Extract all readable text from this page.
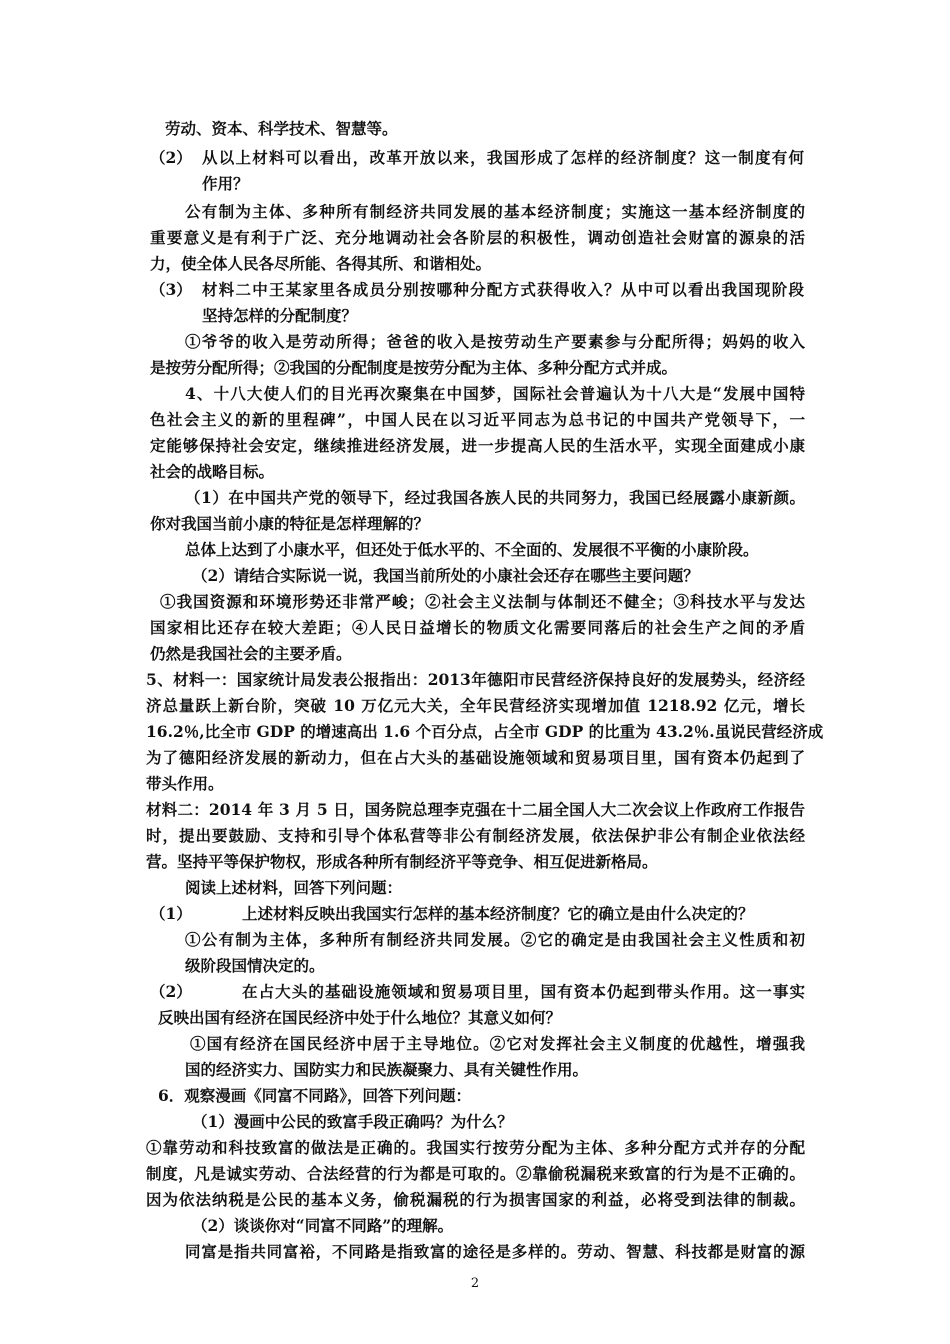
劳动、资本、科学技术、智慧等。
（2） 从以上材料可以看出，改革开放以来，我国形成了怎样的经济制度？这一制度有何
作用？
公有制为主体、多种所有制经济共同发展的基本经济制度；实施这一基本经济制度的
重要意义是有利于广泛、充分地调动社会各阶层的积极性，调动创造社会财富的源泉的活
力，使全体人民各尽所能、各得其所、和谐相处。
（3） 材料二中王某家里各成员分别按哪种分配方式获得收入？从中可以看出我国现阶段
坚持怎样的分配制度？
①爷爷的收入是劳动所得；爸爸的收入是按劳动生产要素参与分配所得；妈妈的收入
是按劳分配所得；②我国的分配制度是按劳分配为主体、多种分配方式并成。
4、十八大使人们的目光再次聚集在中国梦，国际社会普遍认为十八大是“发展中国特
色社会主义的新的里程碑”，中国人民在以习近平同志为总书记的中国共产党领导下，一
定能够保持社会安定，继续推进经济发展，进一步提高人民的生活水平，实现全面建成小康
社会的战略目标。
（1）在中国共产党的领导下，经过我国各族人民的共同努力，我国已经展露小康新颜。
你对我国当前小康的特征是怎样理解的？
总体上达到了小康水平，但还处于低水平的、不全面的、发展很不平衡的小康阶段。
（2）请结合实际说一说，我国当前所处的小康社会还存在哪些主要问题？
①我国资源和环境形势还非常严峻；②社会主义法制与体制还不健全；③科技水平与发达
国家相比还存在较大差距；④人民日益增长的物质文化需要同落后的社会生产之间的矛盾
仍然是我国社会的主要矛盾。
5、材料一：国家统计局发表公报指出：2013年德阳市民营经济保持良好的发展势头，经济经
济总量跃上新台阶，突破 10 万亿元大关，全年民营经济实现增加值 1218.92 亿元，增长
16.2％,比全市 GDP 的增速高出 1.6 个百分点，占全市 GDP 的比重为 43.2％.虽说民营经济成
为了德阳经济发展的新动力，但在占大头的基础设施领域和贸易项目里，国有资本仍起到了
带头作用。
材料二：2014 年 3 月 5 日，国务院总理李克强在十二届全国人大二次会议上作政府工作报告
时，提出要鼓励、支持和引导个体私营等非公有制经济发展，依法保护非公有制企业依法经
营。坚持平等保护物权，形成各种所有制经济平等竞争、相互促进新格局。
阅读上述材料，回答下列问题：
（1）	上述材料反映出我国实行怎样的基本经济制度？它的确立是由什么决定的？
①公有制为主体，多种所有制经济共同发展。②它的确定是由我国社会主义性质和初
级阶段国情决定的。
（2）	在占大头的基础设施领域和贸易项目里，国有资本仍起到带头作用。这一事实
反映出国有经济在国民经济中处于什么地位？其意义如何？
①国有经济在国民经济中居于主导地位。②它对发挥社会主义制度的优越性，增强我
国的经济实力、国防实力和民族凝聚力、具有关键性作用。
6．观察漫画《同富不同路》，回答下列问题：
（1）漫画中公民的致富手段正确吗？为什么？
①靠劳动和科技致富的做法是正确的。我国实行按劳分配为主体、多种分配方式并存的分配
制度，凡是诚实劳动、合法经营的行为都是可取的。②靠偷税漏税来致富的行为是不正确的。
因为依法纳税是公民的基本义务，偷税漏税的行为损害国家的利益，必将受到法律的制裁。
（2）谈谈你对“同富不同路”的理解。
同富是指共同富裕，不同路是指致富的途径是多样的。劳动、智慧、科技都是财富的源
2
